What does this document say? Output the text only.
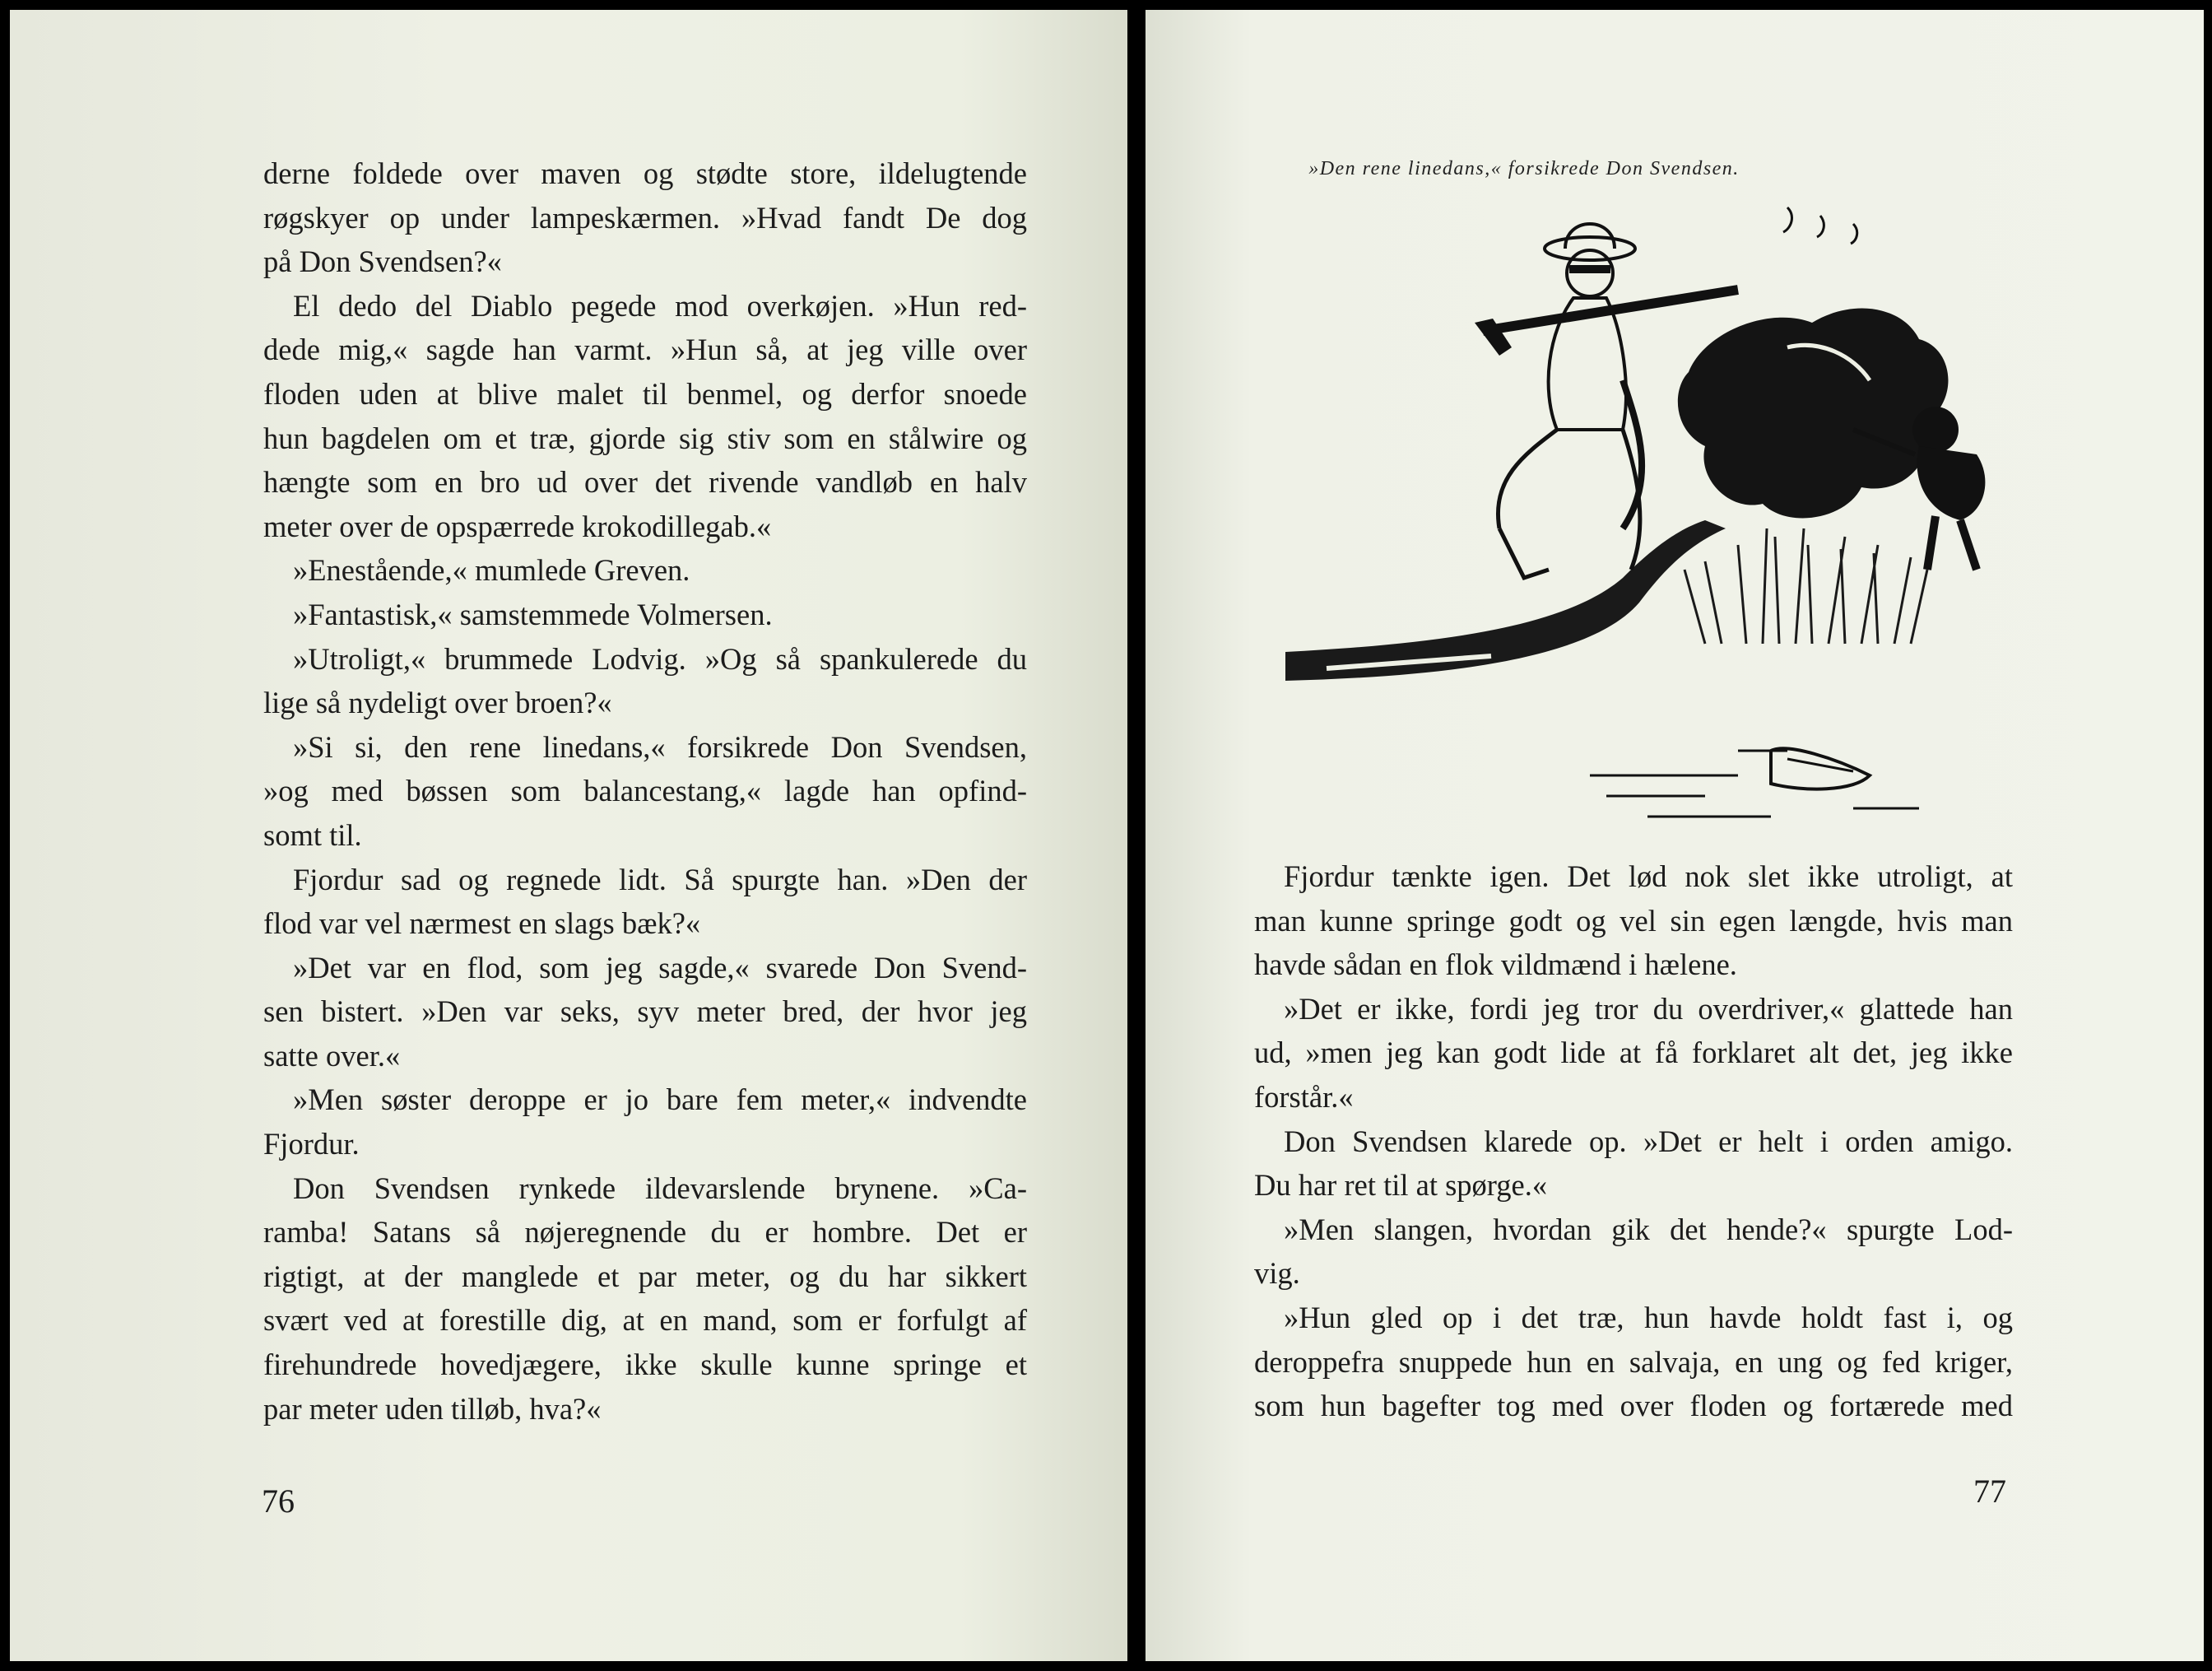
derne foldede over maven og stødte store, ildelugtende
røgskyer op under lampeskærmen. »Hvad fandt De dog
på Don Svendsen?«
El dedo del Diablo pegede mod overkøjen. »Hun red-
dede mig,« sagde han varmt. »Hun så, at jeg ville over
floden uden at blive malet til benmel, og derfor snoede
hun bagdelen om et træ, gjorde sig stiv som en stålwire og
hængte som en bro ud over det rivende vandløb en halv
meter over de opspærrede krokodillegab.«
»Enestående,« mumlede Greven.
»Fantastisk,« samstemmede Volmersen.
»Utroligt,« brummede Lodvig. »Og så spankulerede du
lige så nydeligt over broen?«
»Si si, den rene linedans,« forsikrede Don Svendsen,
»og med bøssen som balancestang,« lagde han opfind-
somt til.
Fjordur sad og regnede lidt. Så spurgte han. »Den der
flod var vel nærmest en slags bæk?«
»Det var en flod, som jeg sagde,« svarede Don Svend-
sen bistert. »Den var seks, syv meter bred, der hvor jeg
satte over.«
»Men søster deroppe er jo bare fem meter,« indvendte
Fjordur.
Don Svendsen rynkede ildevarslende brynene. »Ca-
ramba! Satans så nøjeregnende du er hombre. Det er
rigtigt, at der manglede et par meter, og du har sikkert
svært ved at forestille dig, at en mand, som er forfulgt af
firehundrede hovedjægere, ikke skulle kunne springe et
par meter uden tilløb, hva?«
76
»Den rene linedans,« forsikrede Don Svendsen.
Fjordur tænkte igen. Det lød nok slet ikke utroligt, at
man kunne springe godt og vel sin egen længde, hvis man
havde sådan en flok vildmænd i hælene.
»Det er ikke, fordi jeg tror du overdriver,« glattede han
ud, »men jeg kan godt lide at få forklaret alt det, jeg ikke
forstår.«
Don Svendsen klarede op. »Det er helt i orden amigo.
Du har ret til at spørge.«
»Men slangen, hvordan gik det hende?« spurgte Lod-
vig.
»Hun gled op i det træ, hun havde holdt fast i, og
deroppefra snuppede hun en salvaja, en ung og fed kriger,
som hun bagefter tog med over floden og fortærede med
77
